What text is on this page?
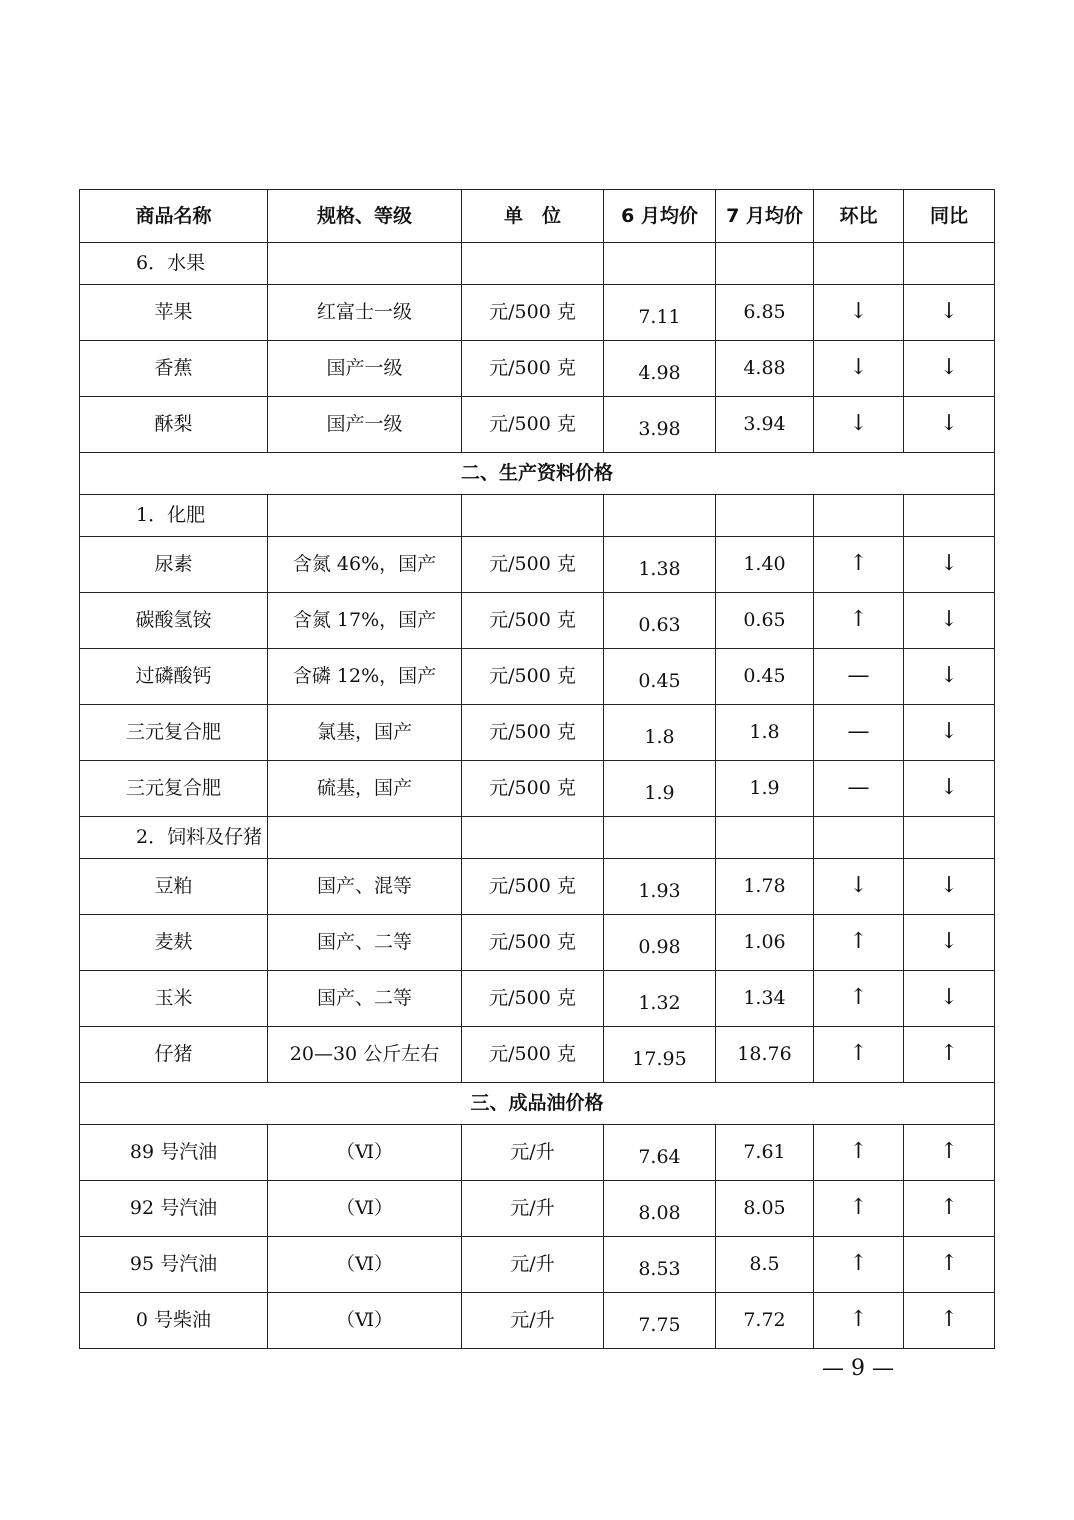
商品名称	规格、等级	单　位	6 月均价	7 月均价	环比	同比
6．水果						
苹果	红富士一级	元/500 克	7.11	6.85	↓	↓
香蕉	国产一级	元/500 克	4.98	4.88	↓	↓
酥梨	国产一级	元/500 克	3.98	3.94	↓	↓
二、生产资料价格						
1．化肥						
尿素	含氮 46%，国产	元/500 克	1.38	1.40	↑	↓
碳酸氢铵	含氮 17%，国产	元/500 克	0.63	0.65	↑	↓
过磷酸钙	含磷 12%，国产	元/500 克	0.45	0.45	—	↓
三元复合肥	氯基，国产	元/500 克	1.8	1.8	—	↓
三元复合肥	硫基，国产	元/500 克	1.9	1.9	—	↓
2．饲料及仔猪						
豆粕	国产、混等	元/500 克	1.93	1.78	↓	↓
麦麸	国产、二等	元/500 克	0.98	1.06	↑	↓
玉米	国产、二等	元/500 克	1.32	1.34	↑	↓
仔猪	20—30 公斤左右	元/500 克	17.95	18.76	↑	↑
三、成品油价格						
89 号汽油	（Ⅵ）	元/升	7.64	7.61	↑	↑
92 号汽油	（Ⅵ）	元/升	8.08	8.05	↑	↑
95 号汽油	（Ⅵ）	元/升	8.53	8.5	↑	↑
0 号柴油	（Ⅵ）	元/升	7.75	7.72	↑	↑
— 9 —
